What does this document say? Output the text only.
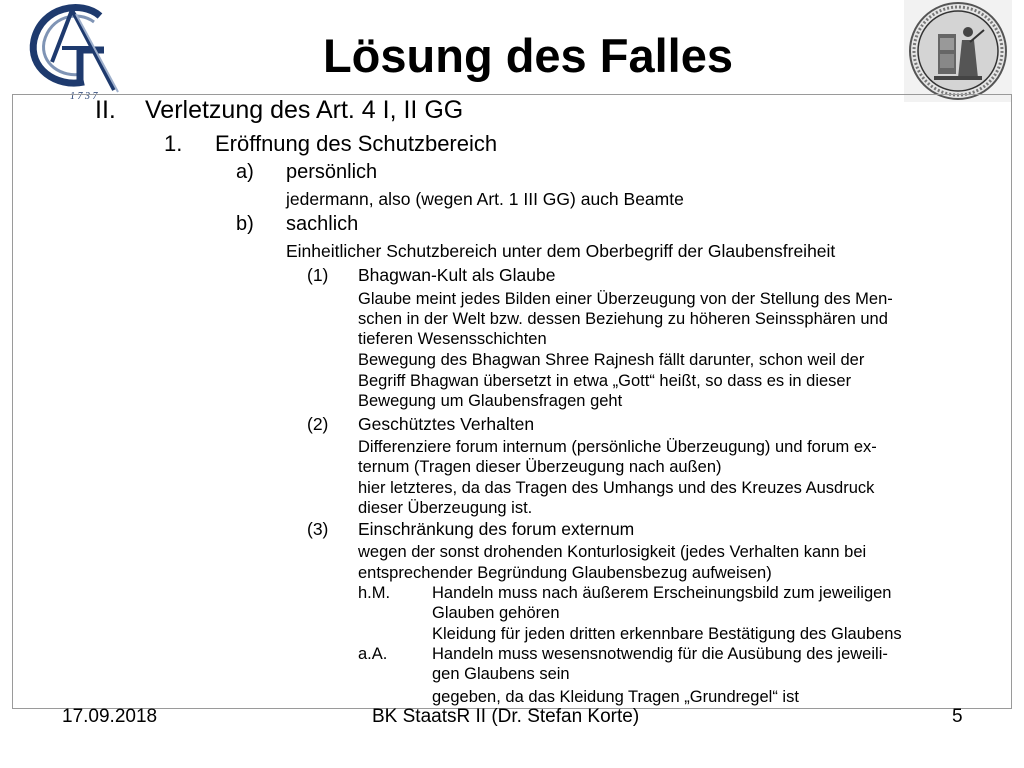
1 7 3 7
Lösung des Falles
II. Verletzung des Art. 4 I, II GG
1. Eröffnung des Schutzbereich
a) persönlich
jedermann, also (wegen Art. 1 III GG) auch Beamte
b) sachlich
Einheitlicher Schutzbereich unter dem Oberbegriff der Glaubensfreiheit
(1) Bhagwan-Kult als Glaube
Glaube meint jedes Bilden einer Überzeugung von der Stellung des Men-
schen in der Welt bzw. dessen Beziehung zu höheren Seinssphären und
tieferen Wesensschichten
Bewegung des Bhagwan Shree Rajnesh fällt darunter, schon weil der
Begriff Bhagwan übersetzt in etwa „Gott“ heißt, so dass es in dieser
Bewegung um Glaubensfragen geht
(2) Geschütztes Verhalten
Differenziere forum internum (persönliche Überzeugung) und forum ex-
ternum (Tragen dieser Überzeugung nach außen)
hier letzteres, da das Tragen des Umhangs und des Kreuzes Ausdruck
dieser Überzeugung ist.
(3) Einschränkung des forum externum
wegen der sonst drohenden Konturlosigkeit (jedes Verhalten kann bei
entsprechender Begründung Glaubensbezug aufweisen)
h.M.	Handeln muss nach äußerem Erscheinungsbild zum jeweiligen
Glauben gehören
Kleidung für jeden dritten erkennbare Bestätigung des Glaubens
a.A.	Handeln muss wesensnotwendig für die Ausübung des jeweili-
gen Glaubens sein
gegeben, da das Kleidung Tragen „Grundregel“ ist
17.09.2018	BK StaatsR II (Dr. Stefan Korte)	5
